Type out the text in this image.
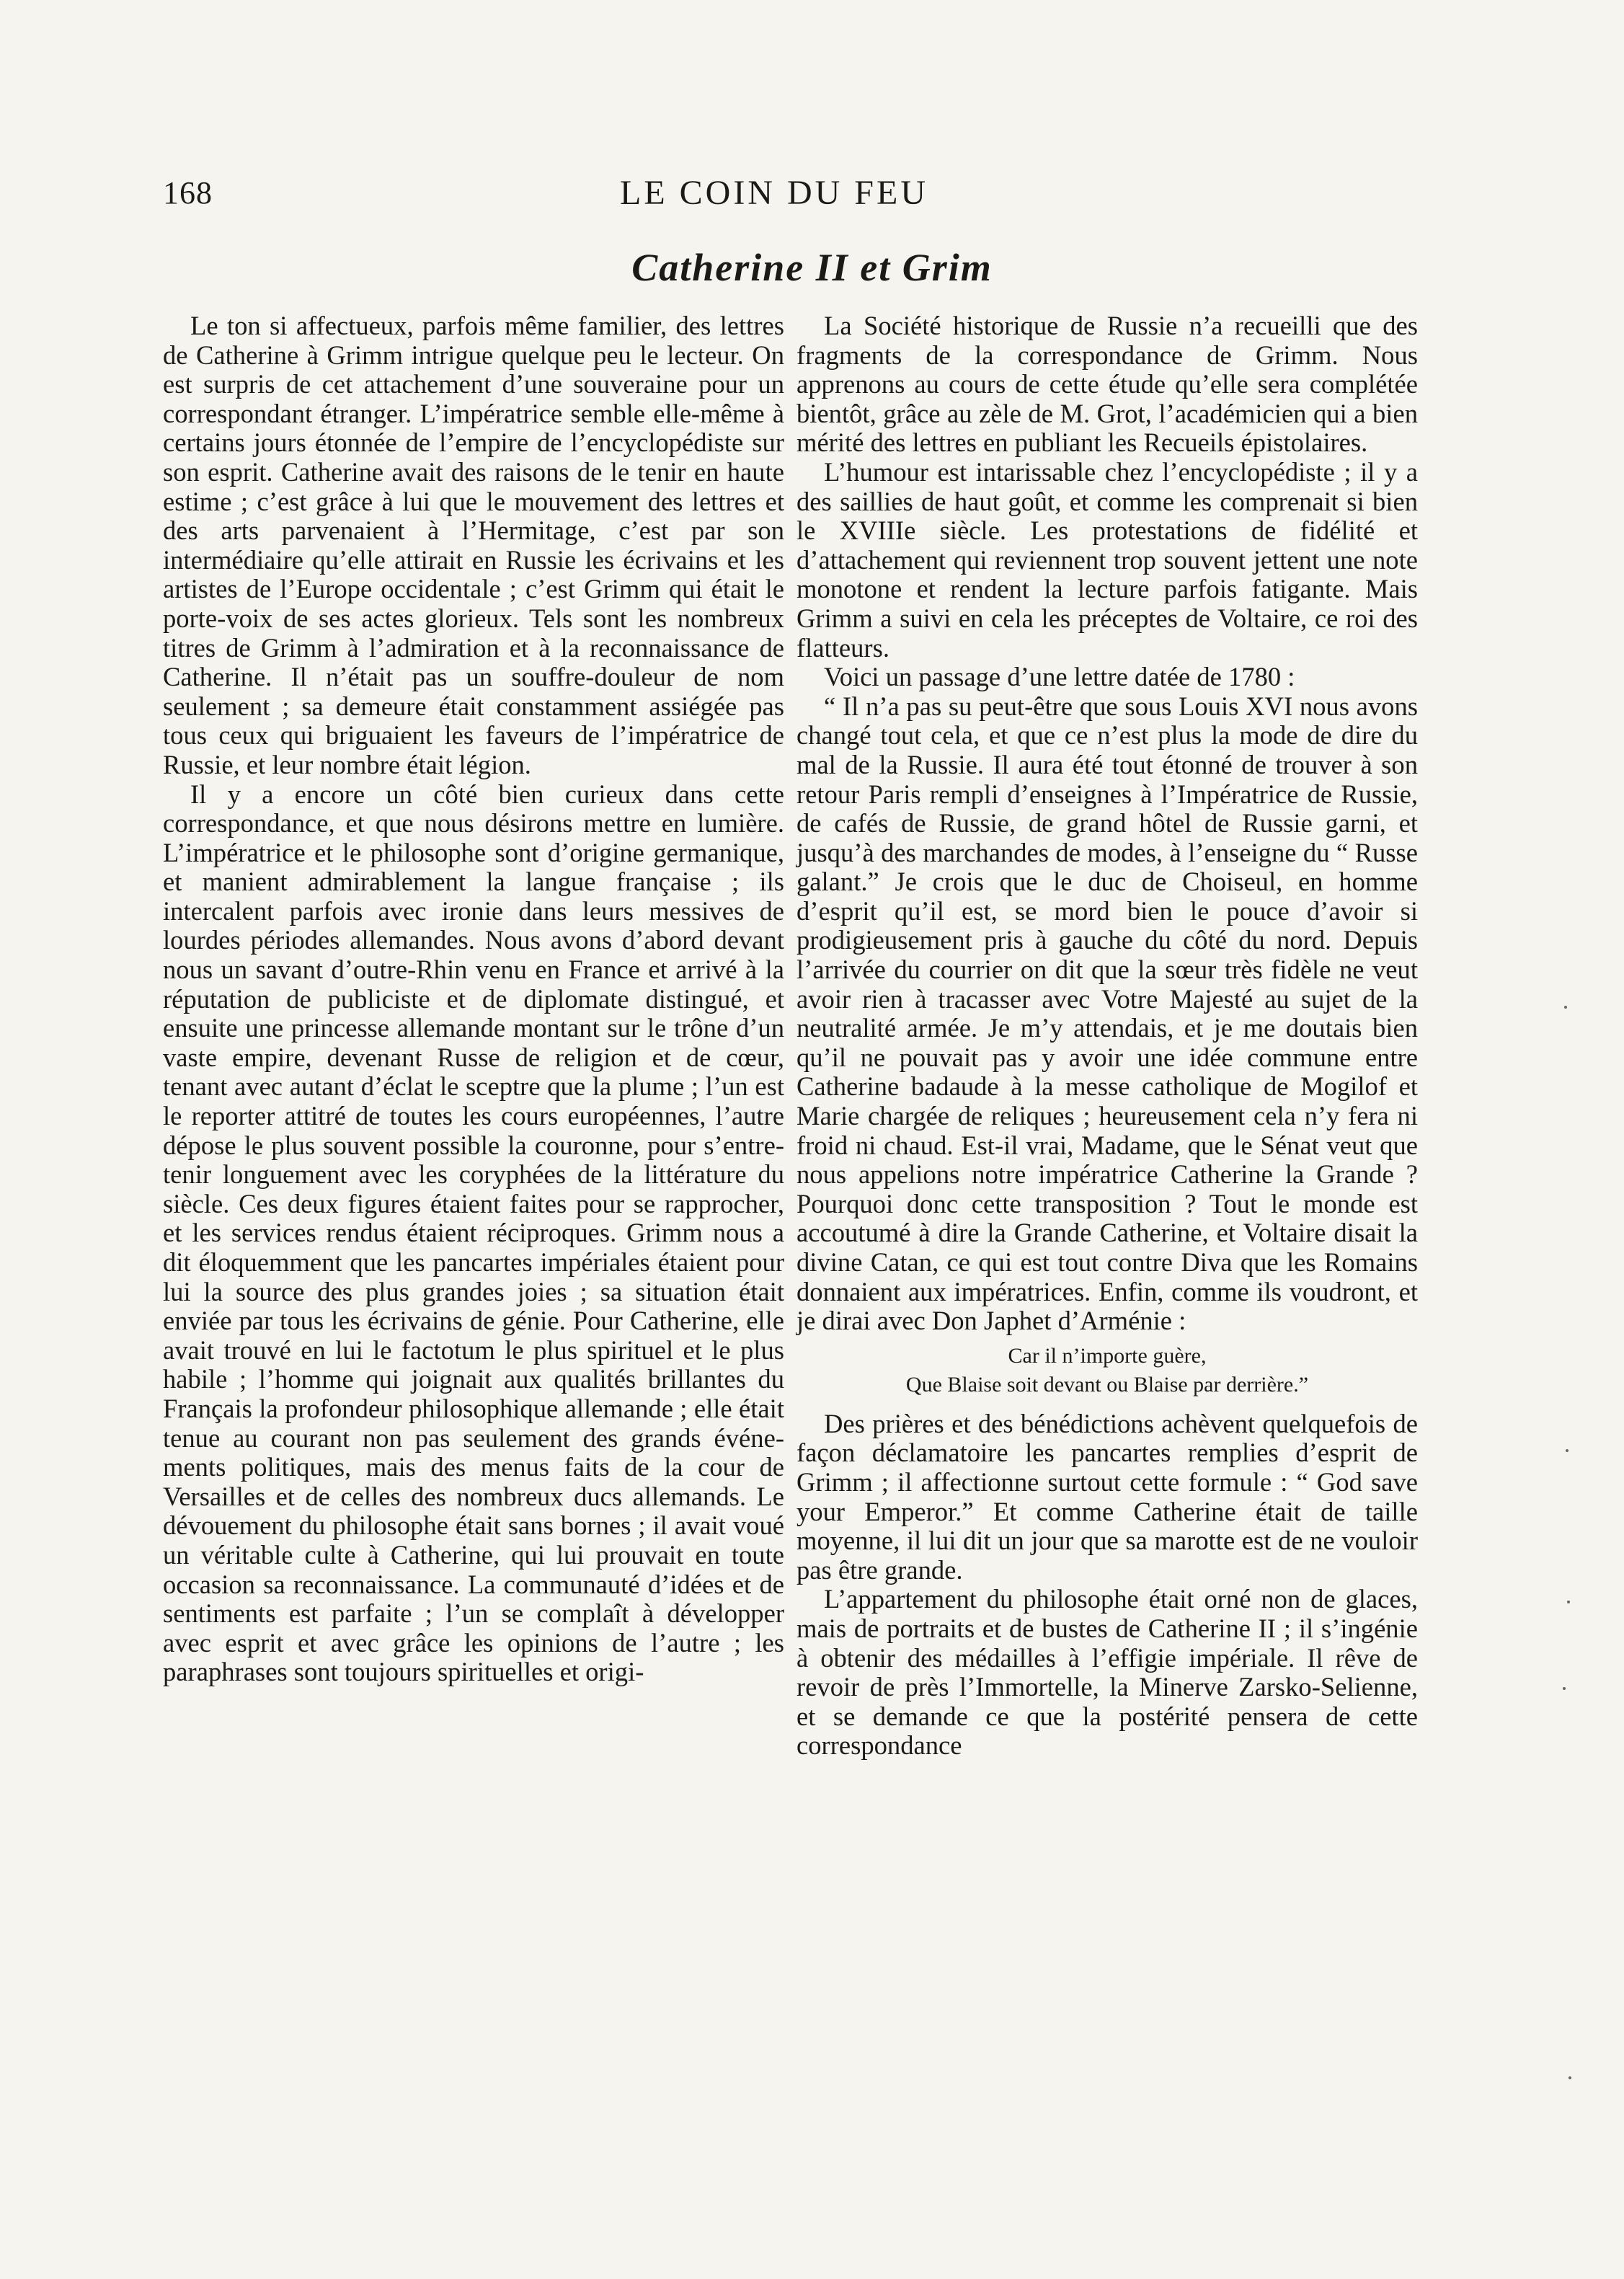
168	LE COIN DU FEU
Catherine II et Grim

Le ton si affectueux, parfois même familier, des lettres de Catherine à Grimm intrigue quelque peu le lecteur. On est surpris de cet attachement d’une souveraine pour un correspondant étranger. L’impératrice semble elle-même à certains jours étonnée de l’empire de l’encyclopédiste sur son esprit. Catherine avait des raisons de le tenir en haute estime ; c’est grâce à lui que le mouvement des lettres et des arts parvenaient à l’Hermitage, c’est par son intermédiaire qu’elle attirait en Russie les écrivains et les artistes de l’Europe occidentale ; c’est Grimm qui était le porte-voix de ses actes glorieux. Tels sont les nombreux titres de Grimm à l’admiration et à la reconnaissance de Catherine. Il n’était pas un souffre-douleur de nom seulement ; sa demeure était constamment assiégée pas tous ceux qui briguaient les faveurs de l’impératrice de Russie, et leur nombre était légion.

Il y a encore un côté bien curieux dans cette correspondance, et que nous désirons mettre en lumière. L’impératrice et le philosophe sont d’origine germanique, et manient admirablement la langue française ; ils intercalent parfois avec ironie dans leurs messives de lourdes périodes allemandes. Nous avons d’abord devant nous un savant d’outre-Rhin venu en France et arrivé à la réputation de publiciste et de diplomate distingué, et ensuite une princesse allemande montant sur le trône d’un vaste empire, devenant Russe de religion et de cœur, tenant avec autant d’éclat le sceptre que la plume ; l’un est le reporter attitré de toutes les cours européennes, l’autre dépose le plus souvent possible la couronne, pour s’entretenir longuement avec les coryphées de la littérature du siècle. Ces deux figures étaient faites pour se rapprocher, et les services rendus étaient réciproques. Grimm nous a dit éloquemment que les pancartes impériales étaient pour lui la source des plus grandes joies ; sa situation était enviée par tous les écrivains de génie. Pour Catherine, elle avait trouvé en lui le factotum le plus spirituel et le plus habile ; l’homme qui joignait aux qualités brillantes du Français la profondeur philosophique allemande ; elle était tenue au courant non pas seulement des grands événements politiques, mais des menus faits de la cour de Versailles et de celles des nombreux ducs allemands. Le dévouement du philosophe était sans bornes ; il avait voué un véritable culte à Catherine, qui lui prouvait en toute occasion sa reconnaissance. La communauté d’idées et de sentiments est parfaite ; l’un se complaît à développer avec esprit et avec grâce les opinions de l’autre ; les paraphrases sont toujours spirituelles et origi-

La Société historique de Russie n’a recueilli que des fragments de la correspondance de Grimm. Nous apprenons au cours de cette étude qu’elle sera complétée bientôt, grâce au zèle de M. Grot, l’académicien qui a bien mérité des lettres en publiant les Recueils épistolaires.

L’humour est intarissable chez l’encyclopédiste ; il y a des saillies de haut goût, et comme les comprenait si bien le XVIIIe siècle. Les protestations de fidélité et d’attachement qui reviennent trop souvent jettent une note monotone et rendent la lecture parfois fatigante. Mais Grimm a suivi en cela les préceptes de Voltaire, ce roi des flatteurs.

Voici un passage d’une lettre datée de 1780 :

“ Il n’a pas su peut-être que sous Louis XVI nous avons changé tout cela, et que ce n’est plus la mode de dire du mal de la Russie. Il aura été tout étonné de trouver à son retour Paris rempli d’enseignes à l’Impératrice de Russie, de cafés de Russie, de grand hôtel de Russie garni, et jusqu’à des marchandes de modes, à l’enseigne du “ Russe galant.” Je crois que le duc de Choiseul, en homme d’esprit qu’il est, se mord bien le pouce d’avoir si prodigieusement pris à gauche du côté du nord. Depuis l’arrivée du courrier on dit que la sœur très fidèle ne veut avoir rien à tracasser avec Votre Majesté au sujet de la neutralité armée. Je m’y attendais, et je me doutais bien qu’il ne pouvait pas y avoir une idée commune entre Catherine badaude à la messe catholique de Mogilof et Marie chargée de reliques ; heureusement cela n’y fera ni froid ni chaud. Est-il vrai, Madame, que le Sénat veut que nous appelions notre impératrice Catherine la Grande ? Pourquoi donc cette transposition ? Tout le monde est accoutumé à dire la Grande Catherine, et Voltaire disait la divine Catan, ce qui est tout contre Diva que les Romains donnaient aux impératrices. Enfin, comme ils voudront, et je dirai avec Don Japhet d’Arménie :

Car il n’importe guère,
Que Blaise soit devant ou Blaise par derrière.”

Des prières et des bénédictions achèvent quelquefois de façon déclamatoire les pancartes remplies d’esprit de Grimm ; il affectionne surtout cette formule : “ God save your Emperor.” Et comme Catherine était de taille moyenne, il lui dit un jour que sa marotte est de ne vouloir pas être grande.

L’appartement du philosophe était orné non de glaces, mais de portraits et de bustes de Catherine II ; il s’ingénie à obtenir des médailles à l’effigie impériale. Il rêve de revoir de près l’Immortelle, la Minerve Zarsko-Selienne, et se demande ce que la postérité pensera de cette correspondance
